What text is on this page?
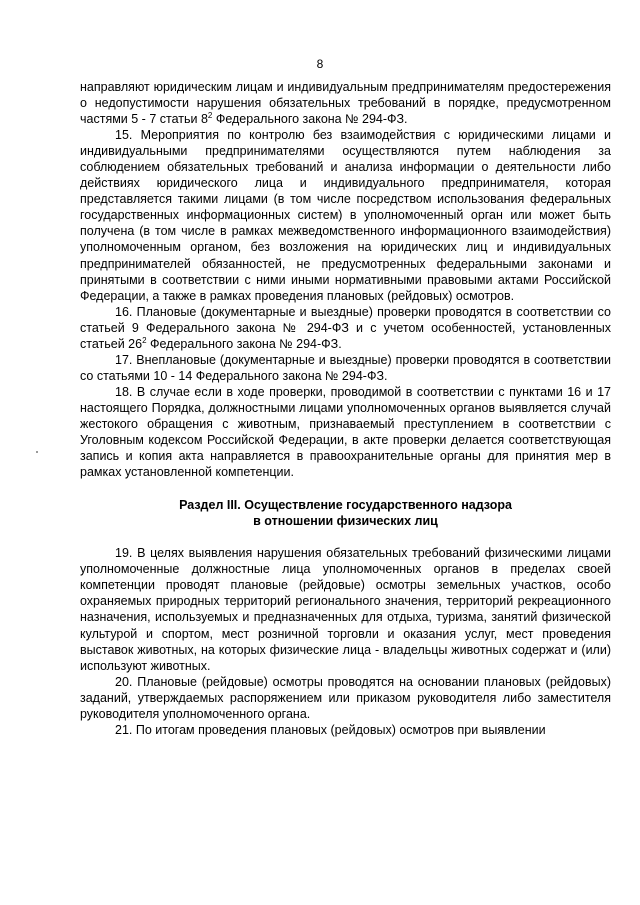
8

направляют юридическим лицам и индивидуальным предпринимателям предостережения о недопустимости нарушения обязательных требований в порядке, предусмотренном частями 5 - 7 статьи $8^2$ Федерального закона № 294-ФЗ.

15. Мероприятия по контролю без взаимодействия с юридическими лицами и индивидуальными предпринимателями осуществляются путем наблюдения за соблюдением обязательных требований и анализа информации о деятельности либо действиях юридического лица и индивидуального предпринимателя, которая представляется такими лицами (в том числе посредством использования федеральных государственных информационных систем) в уполномоченный орган или может быть получена (в том числе в рамках межведомственного информационного взаимодействия) уполномоченным органом, без возложения на юридических лиц и индивидуальных предпринимателей обязанностей, не предусмотренных федеральными законами и принятыми в соответствии с ними иными нормативными правовыми актами Российской Федерации, а также в рамках проведения плановых (рейдовых) осмотров.

16. Плановые (документарные и выездные) проверки проводятся в соответствии со статьей 9 Федерального закона № 294-ФЗ и с учетом особенностей, установленных статьей $26^2$ Федерального закона № 294-ФЗ.

17. Внеплановые (документарные и выездные) проверки проводятся в соответствии со статьями 10 - 14 Федерального закона № 294-ФЗ.

18. В случае если в ходе проверки, проводимой в соответствии с пунктами 16 и 17 настоящего Порядка, должностными лицами уполномоченных органов выявляется случай жестокого обращения с животным, признаваемый преступлением в соответствии с Уголовным кодексом Российской Федерации, в акте проверки делается соответствующая запись и копия акта направляется в правоохранительные органы для принятия мер в рамках установленной компетенции.

Раздел III. Осуществление государственного надзора
в отношении физических лиц

19. В целях выявления нарушения обязательных требований физическими лицами уполномоченные должностные лица уполномоченных органов в пределах своей компетенции проводят плановые (рейдовые) осмотры земельных участков, особо охраняемых природных территорий регионального значения, территорий рекреационного назначения, используемых и предназначенных для отдыха, туризма, занятий физической культурой и спортом, мест розничной торговли и оказания услуг, мест проведения выставок животных, на которых физические лица - владельцы животных содержат и (или) используют животных.

20. Плановые (рейдовые) осмотры проводятся на основании плановых (рейдовых) заданий, утверждаемых распоряжением или приказом руководителя либо заместителя руководителя уполномоченного органа.

21. По итогам проведения плановых (рейдовых) осмотров при выявлении
